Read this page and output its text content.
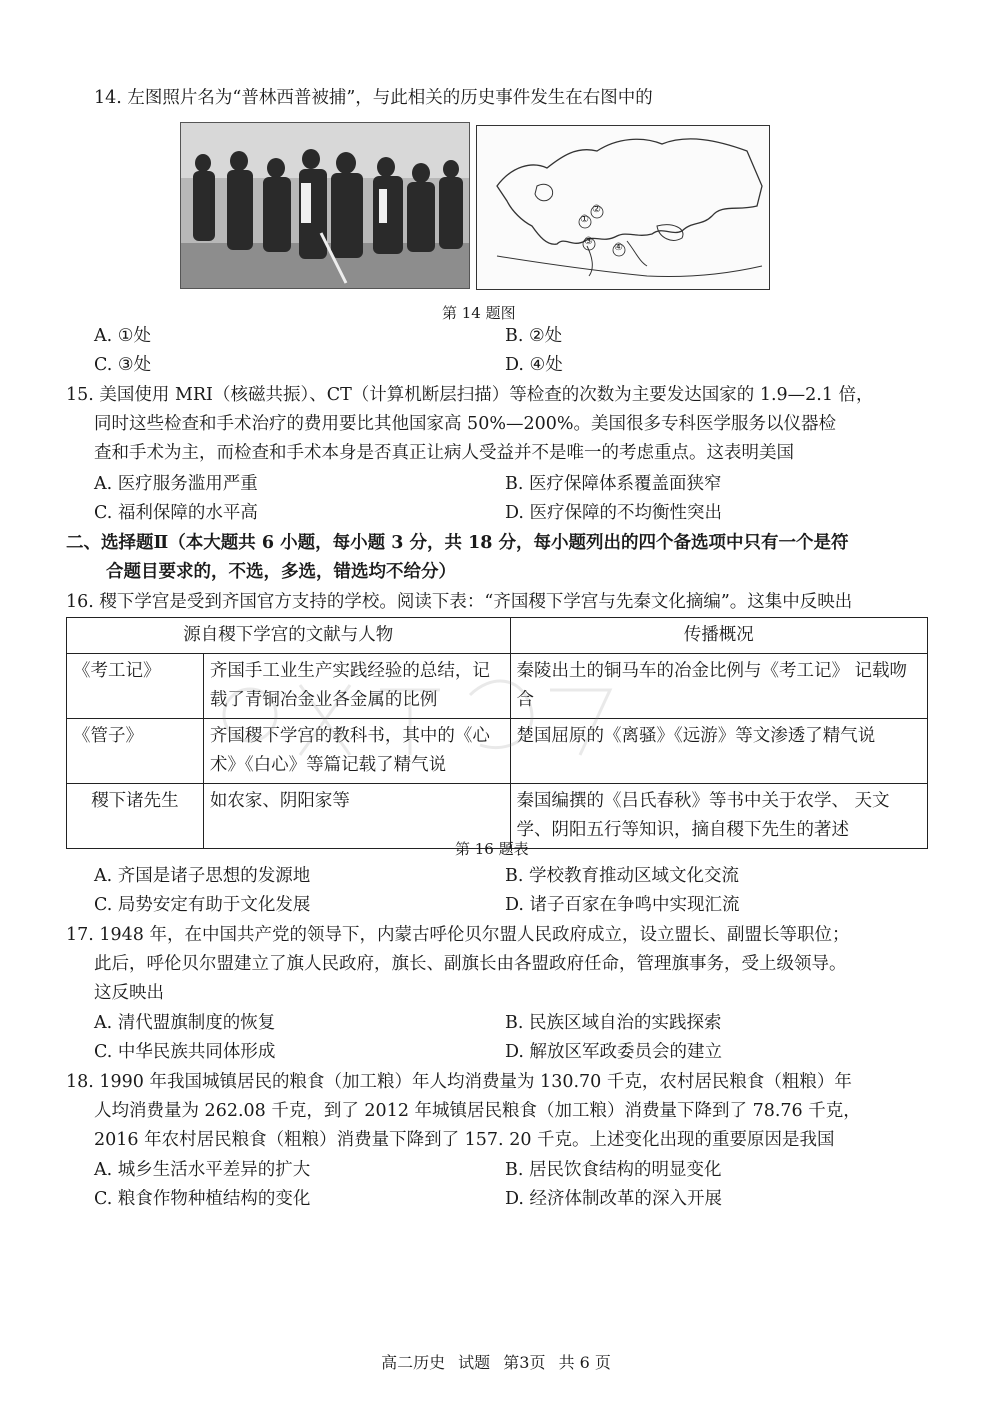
14. 左图照片名为“普林西普被捕”，与此相关的历史事件发生在右图中的
第 14 题图
A. ①处	B. ②处
C. ③处	D. ④处
15. 美国使用 MRI（核磁共振）、CT（计算机断层扫描）等检查的次数为主要发达国家的 1.9—2.1 倍，
同时这些检查和手术治疗的费用要比其他国家高 50%—200%。美国很多专科医学服务以仪器检
查和手术为主，而检查和手术本身是否真正让病人受益并不是唯一的考虑重点。这表明美国
A. 医疗服务滥用严重	B. 医疗保障体系覆盖面狭窄
C. 福利保障的水平高	D. 医疗保障的不均衡性突出
二、选择题Ⅱ（本大题共 6 小题，每小题 3 分，共 18 分，每小题列出的四个备选项中只有一个是符
合题目要求的，不选，多选，错选均不给分）
16. 稷下学宫是受到齐国官方支持的学校。阅读下表：“齐国稷下学宫与先秦文化摘编”。这集中反映出
源自稷下学宫的文献与人物		传播概况
《考工记》	齐国手工业生产实践经验的总结，记载了青铜冶金业各金属的比例	秦陵出土的铜马车的冶金比例与《考工记》 记载吻合
《管子》	齐国稷下学宫的教科书，其中的《心术》《白心》等篇记载了精气说	楚国屈原的《离骚》《远游》等文渗透了精气说
稷下诸先生	如农家、阴阳家等	秦国编撰的《吕氏春秋》等书中关于农学、 天文学、阴阳五行等知识，摘自稷下先生的著述
第 16 题表
A. 齐国是诸子思想的发源地	B. 学校教育推动区域文化交流
C. 局势安定有助于文化发展	D. 诸子百家在争鸣中实现汇流
17. 1948 年，在中国共产党的领导下，内蒙古呼伦贝尔盟人民政府成立，设立盟长、副盟长等职位；
此后，呼伦贝尔盟建立了旗人民政府，旗长、副旗长由各盟政府任命，管理旗事务，受上级领导。
这反映出
A. 清代盟旗制度的恢复	B. 民族区域自治的实践探索
C. 中华民族共同体形成	D. 解放区军政委员会的建立
18. 1990 年我国城镇居民的粮食（加工粮）年人均消费量为 130.70 千克，农村居民粮食（粗粮）年
人均消费量为 262.08 千克，到了 2012 年城镇居民粮食（加工粮）消费量下降到了 78.76 千克，
2016 年农村居民粮食（粗粮）消费量下降到了 157. 20 千克。上述变化出现的重要原因是我国
A. 城乡生活水平差异的扩大	B. 居民饮食结构的明显变化
C. 粮食作物种植结构的变化	D. 经济体制改革的深入开展
高二历史 试题 第3页 共 6 页
①
②
③
④
